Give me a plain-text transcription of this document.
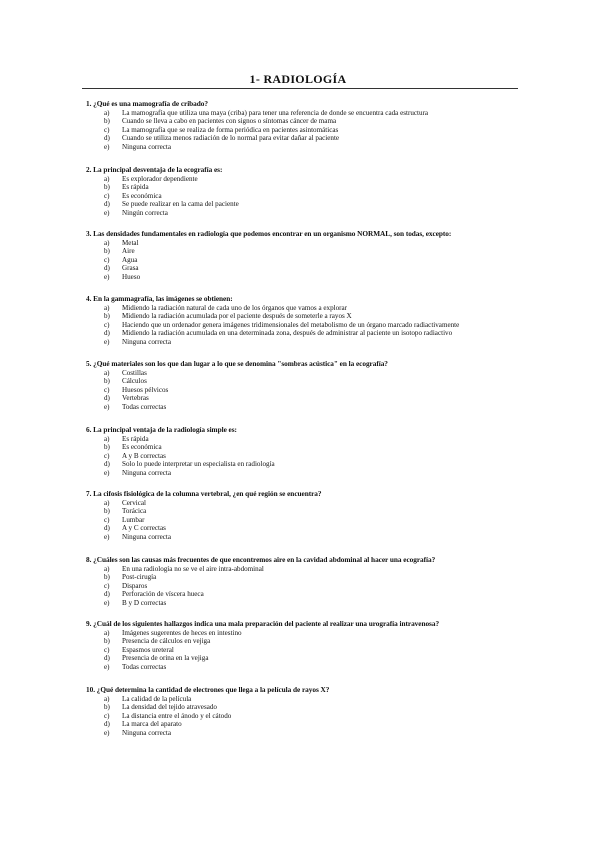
1- RADIOLOGÍA
1. ¿Qué es una mamografía de cribado?
a)	La mamografía que utiliza una maya (criba) para tener una referencia de donde se encuentra cada estructura
b)	Cuando se lleva a cabo en pacientes con signos o síntomas cáncer de mama
c)	La mamografía que se realiza de forma periódica en pacientes asintomáticas
d)	Cuando se utiliza menos radiación de lo normal para evitar dañar al paciente
e)	Ninguna correcta
2. La principal desventaja de la ecografía es:
a)	Es explorador dependiente
b)	Es rápida
c)	Es económica
d)	Se puede realizar en la cama del paciente
e)	Ningún correcta
3. Las densidades fundamentales en radiología que podemos encontrar en un organismo NORMAL, son todas, excepto:
a)	Metal
b)	Aire
c)	Agua
d)	Grasa
e)	Hueso
4. En la gammagrafía, las imágenes se obtienen:
a)	Midiendo la radiación natural de cada uno de los órganos que vamos a explorar
b)	Midiendo la radiación acumulada por el paciente después de someterle a rayos X
c)	Haciendo que un ordenador genera imágenes tridimensionales del metabolismo de un órgano marcado radiactivamente
d)	Midiendo la radiación acumulada en una determinada zona, después de administrar al paciente un isotopo radiactivo
e)	Ninguna correcta
5. ¿Qué materiales son los que dan lugar a lo que se denomina "sombras acústica" en la ecografía?
a)	Costillas
b)	Cálculos
c)	Huesos pélvicos
d)	Vertebras
e)	Todas correctas
6. La principal ventaja de la radiología simple es:
a)	Es rápida
b)	Es económica
c)	A y B correctas
d)	Solo lo puede interpretar un especialista en radiología
e)	Ninguna correcta
7. La cifosis fisiológica de la columna vertebral, ¿en qué región se encuentra?
a)	Cervical
b)	Torácica
c)	Lumbar
d)	A y C correctas
e)	Ninguna correcta
8. ¿Cuáles son las causas más frecuentes de que encontremos aire en la cavidad abdominal al hacer una ecografía?
a)	En una radiología no se ve el aire intra-abdominal
b)	Post-cirugía
c)	Disparos
d)	Perforación de víscera hueca
e)	B y D correctas
9. ¿Cuál de los siguientes hallazgos indica una mala preparación del paciente al realizar una urografía intravenosa?
a)	Imágenes sugerentes de heces en intestino
b)	Presencia de cálculos en vejiga
c)	Espasmos ureteral
d)	Presencia de orina en la vejiga
e)	Todas correctas
10. ¿Qué determina la cantidad de electrones que llega a la película de rayos X?
a)	La calidad de la película
b)	La densidad del tejido atravesado
c)	La distancia entre el ánodo y el cátodo
d)	La marca del aparato
e)	Ninguna correcta
